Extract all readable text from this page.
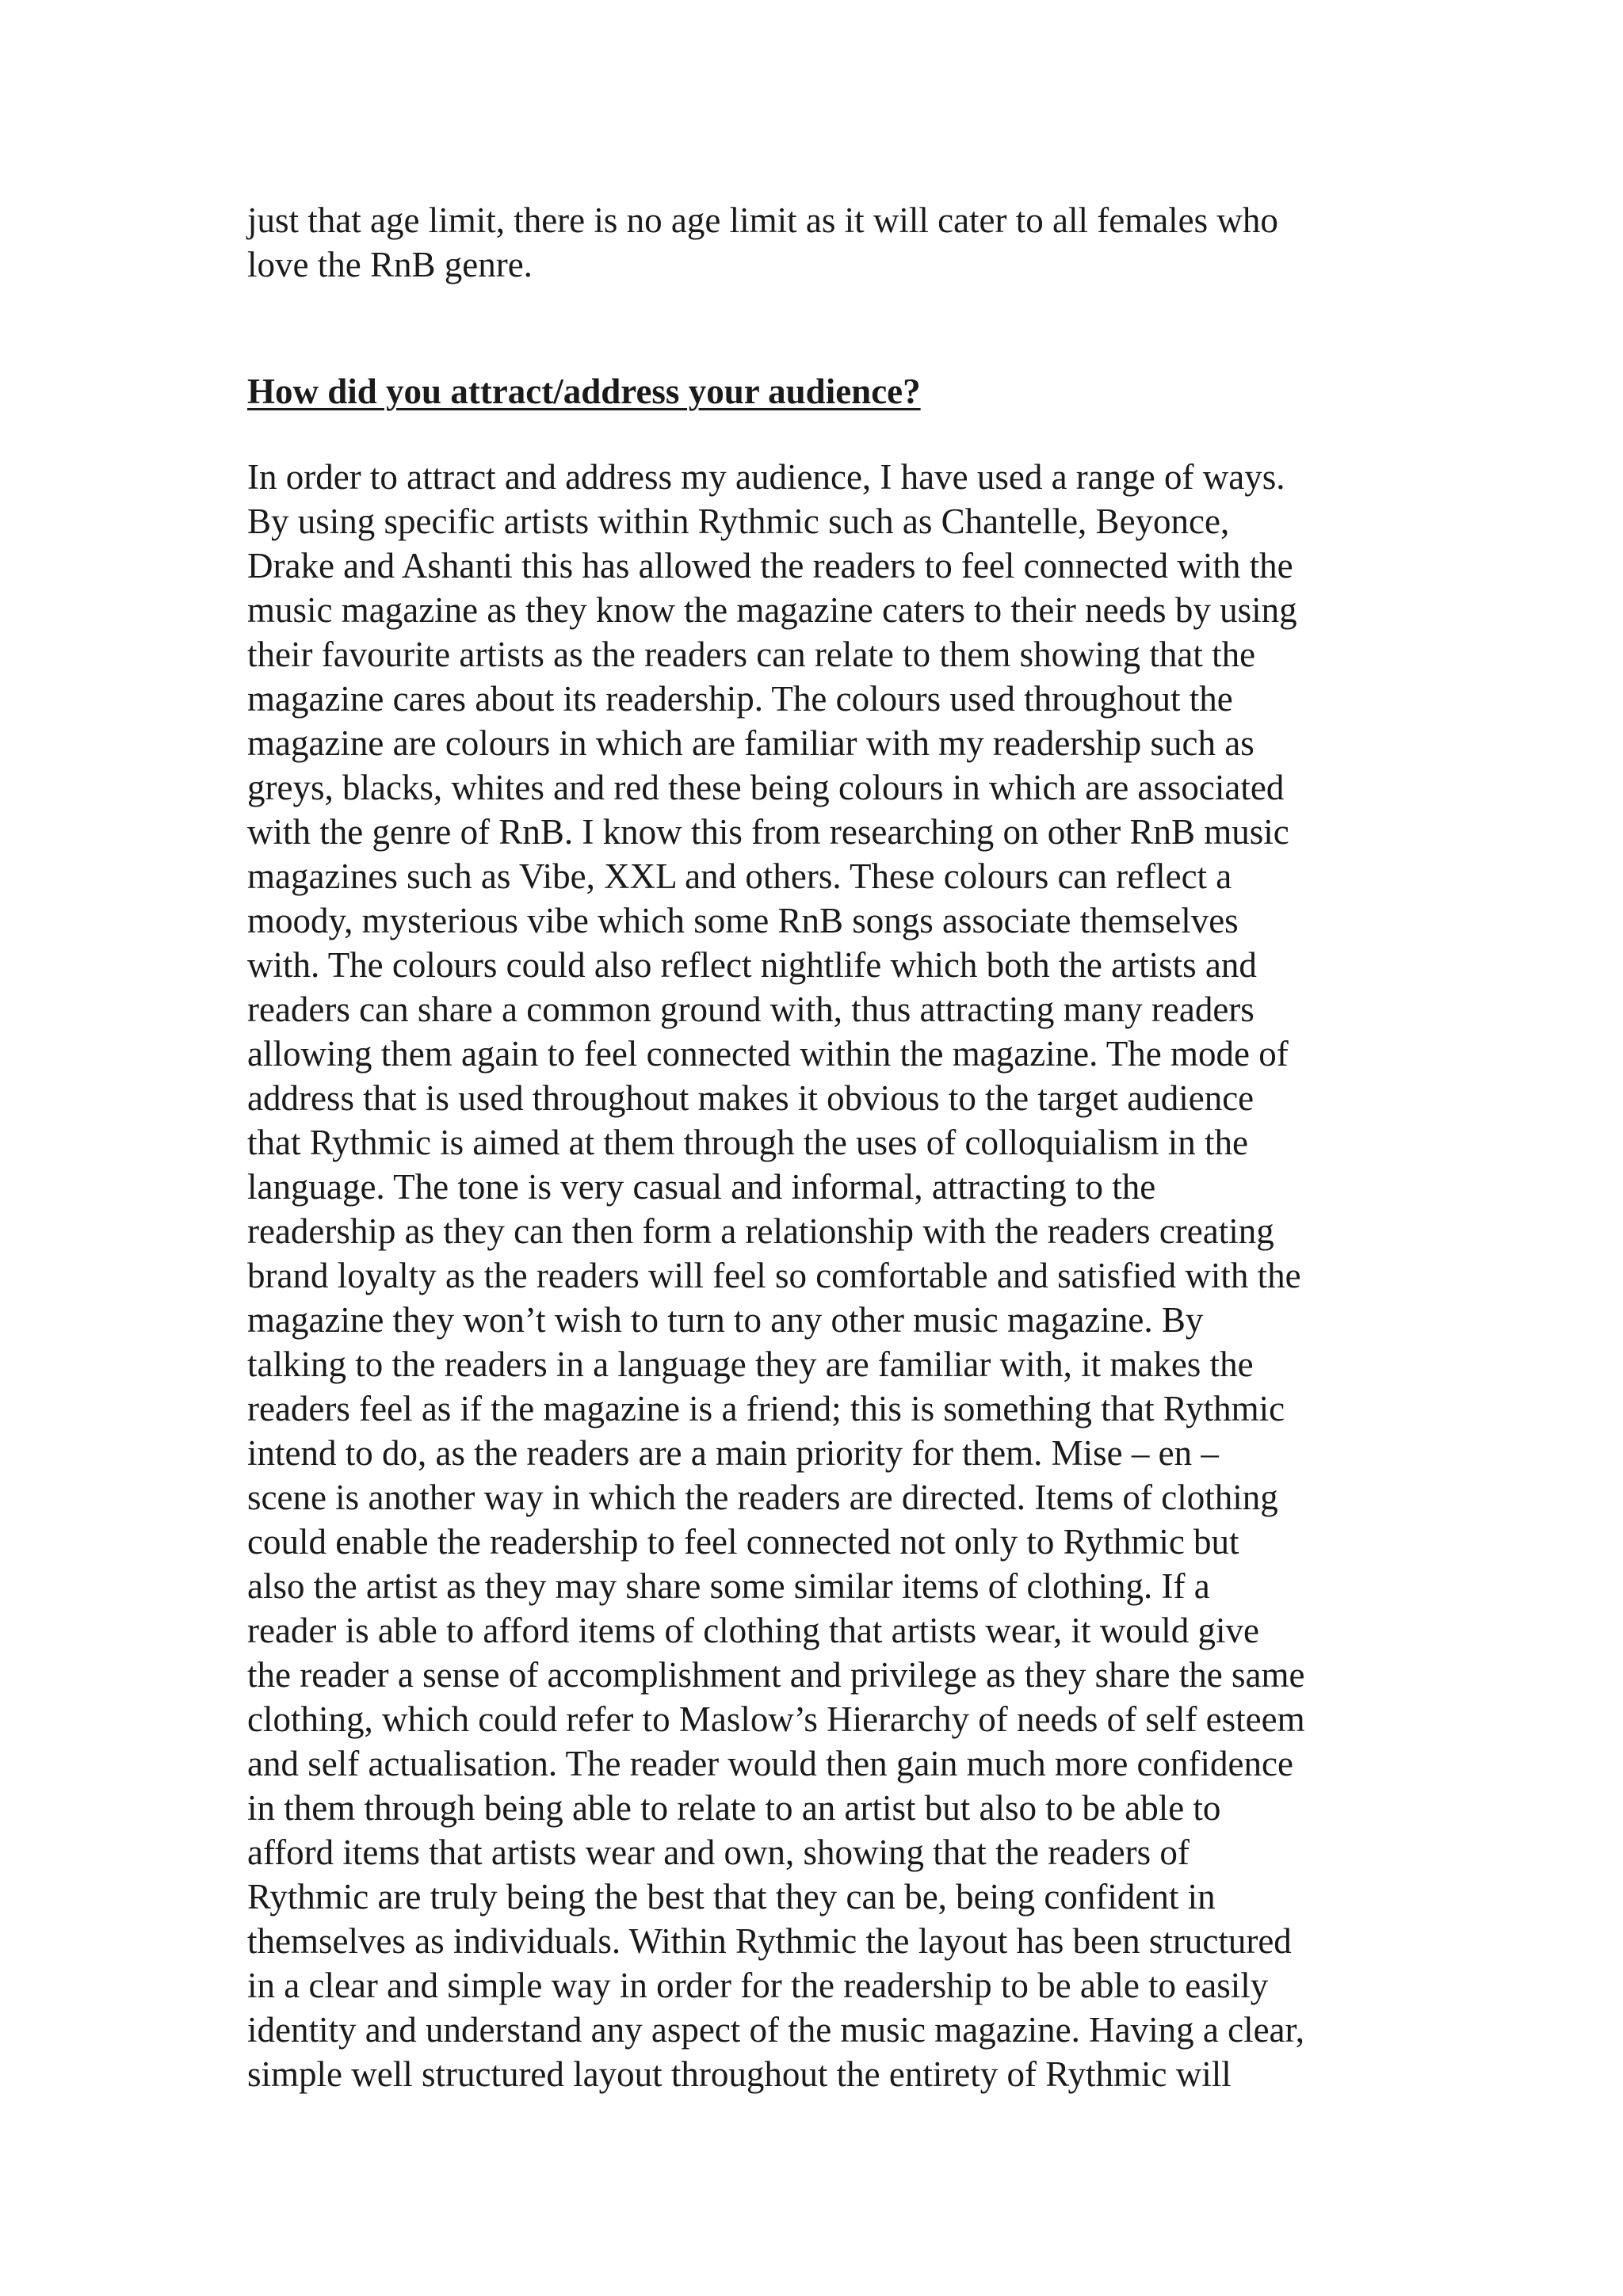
just that age limit, there is no age limit as it will cater to all females who
love the RnB genre.
How did you attract/address your audience?
In order to attract and address my audience, I have used a range of ways.
By using specific artists within Rythmic such as Chantelle, Beyonce,
Drake and Ashanti this has allowed the readers to feel connected with the
music magazine as they know the magazine caters to their needs by using
their favourite artists as the readers can relate to them showing that the
magazine cares about its readership. The colours used throughout the
magazine are colours in which are familiar with my readership such as
greys, blacks, whites and red these being colours in which are associated
with the genre of RnB. I know this from researching on other RnB music
magazines such as Vibe, XXL and others. These colours can reflect a
moody, mysterious vibe which some RnB songs associate themselves
with. The colours could also reflect nightlife which both the artists and
readers can share a common ground with, thus attracting many readers
allowing them again to feel connected within the magazine. The mode of
address that is used throughout makes it obvious to the target audience
that Rythmic is aimed at them through the uses of colloquialism in the
language. The tone is very casual and informal, attracting to the
readership as they can then form a relationship with the readers creating
brand loyalty as the readers will feel so comfortable and satisfied with the
magazine they won’t wish to turn to any other music magazine. By
talking to the readers in a language they are familiar with, it makes the
readers feel as if the magazine is a friend; this is something that Rythmic
intend to do, as the readers are a main priority for them. Mise – en –
scene is another way in which the readers are directed. Items of clothing
could enable the readership to feel connected not only to Rythmic but
also the artist as they may share some similar items of clothing. If a
reader is able to afford items of clothing that artists wear, it would give
the reader a sense of accomplishment and privilege as they share the same
clothing, which could refer to Maslow’s Hierarchy of needs of self esteem
and self actualisation. The reader would then gain much more confidence
in them through being able to relate to an artist but also to be able to
afford items that artists wear and own, showing that the readers of
Rythmic are truly being the best that they can be, being confident in
themselves as individuals. Within Rythmic the layout has been structured
in a clear and simple way in order for the readership to be able to easily
identity and understand any aspect of the music magazine. Having a clear,
simple well structured layout throughout the entirety of Rythmic will
